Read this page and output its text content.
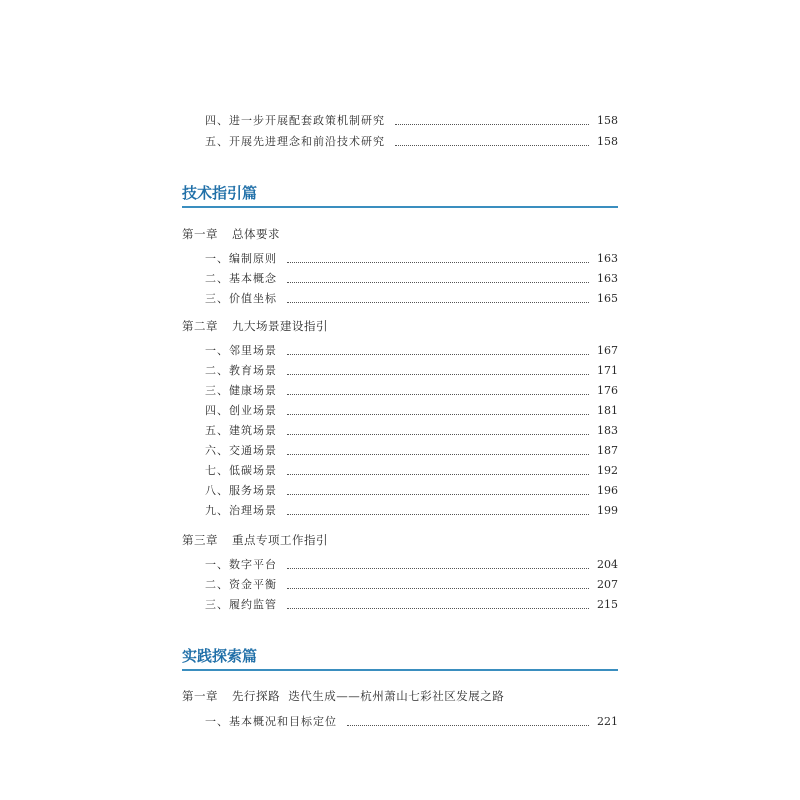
四、进一步开展配套政策机制研究	158
五、开展先进理念和前沿技术研究	158
技术指引篇
第一章 总体要求
一、编制原则	163
二、基本概念	163
三、价值坐标	165
第二章 九大场景建设指引
一、邻里场景	167
二、教育场景	171
三、健康场景	176
四、创业场景	181
五、建筑场景	183
六、交通场景	187
七、低碳场景	192
八、服务场景	196
九、治理场景	199
第三章 重点专项工作指引
一、数字平台	204
二、资金平衡	207
三、履约监管	215
实践探索篇
第一章 先行探路  迭代生成——杭州萧山七彩社区发展之路
一、基本概况和目标定位	221
